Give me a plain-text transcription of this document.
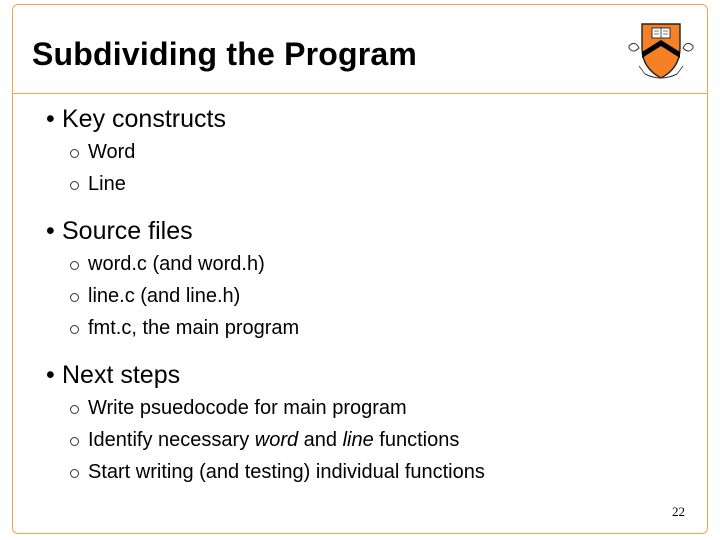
Subdividing the Program
• Key constructs
Word
Line
• Source files
word.c (and word.h)
line.c (and line.h)
fmt.c, the main program
• Next steps
Write psuedocode for main program
Identify necessary word and line functions
Start writing (and testing) individual functions
22
